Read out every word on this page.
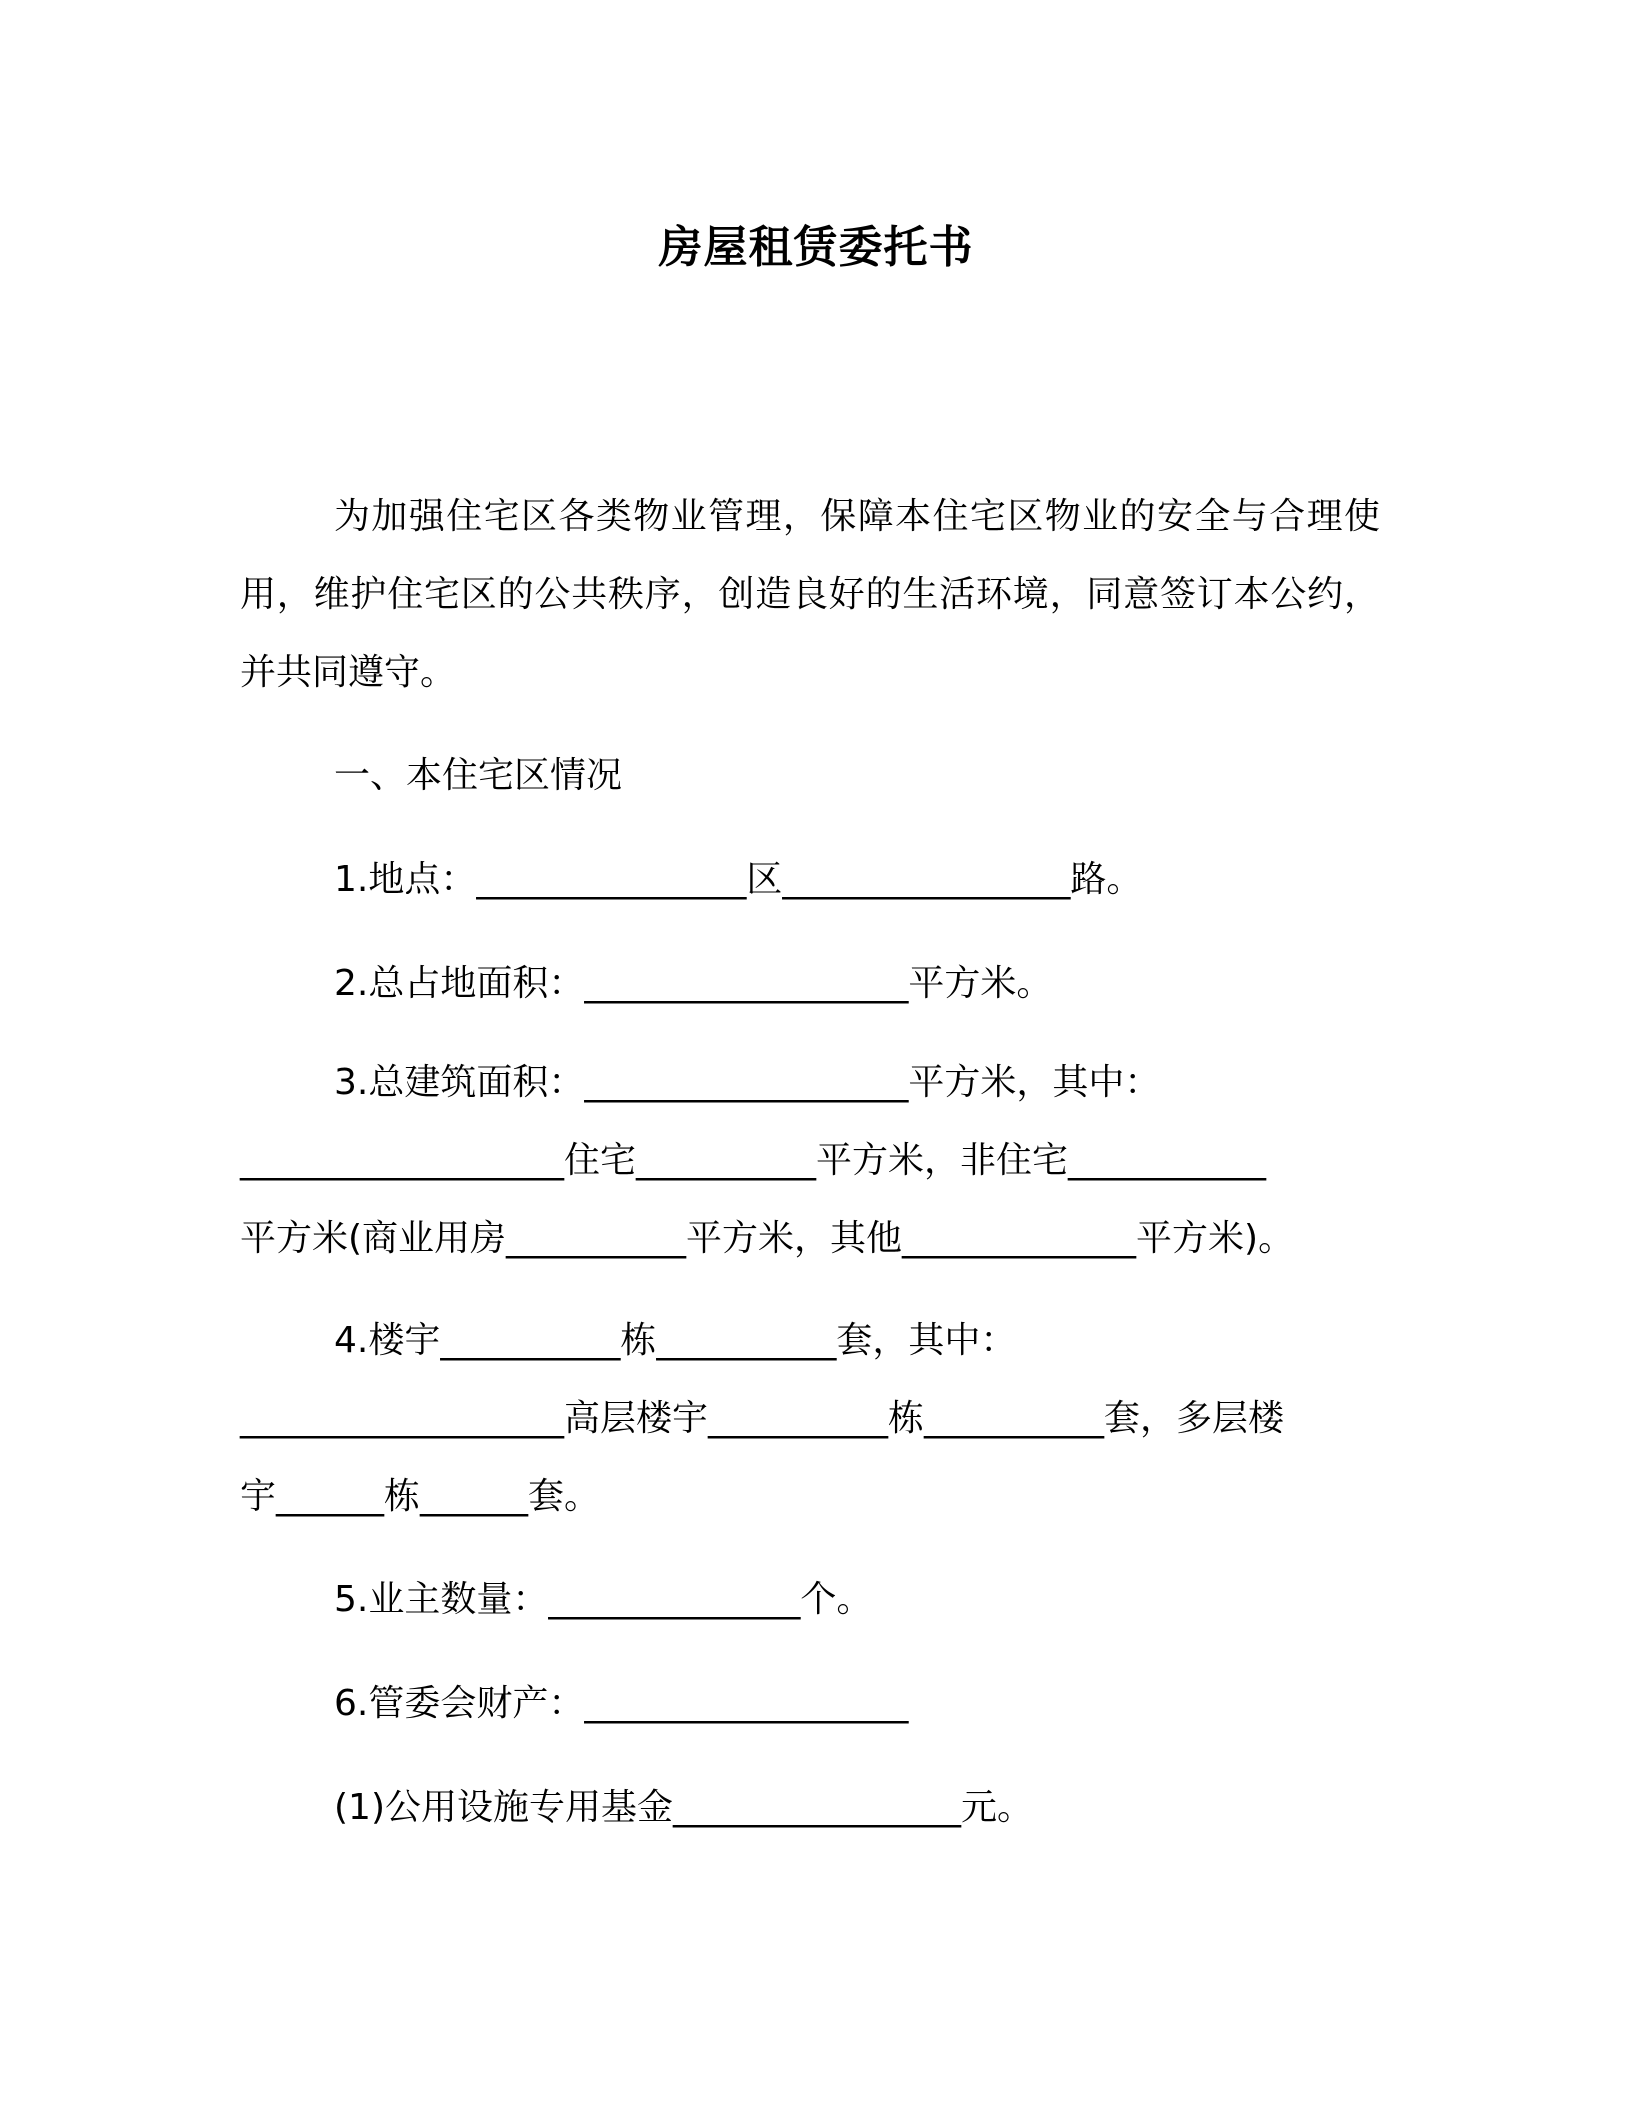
房屋租赁委托书
为加强住宅区各类物业管理，保障本住宅区物业的安全与合理使用，维护住宅区的公共秩序，创造良好的生活环境，同意签订本公约，并共同遵守。
一、本住宅区情况
1.地点：_______________区________________路。
2.总占地面积：__________________平方米。
3.总建筑面积：__________________平方米，其中：
__________________住宅__________平方米，非住宅___________
平方米(商业用房__________平方米，其他_____________平方米)。
4.楼宇__________栋__________套，其中：
__________________高层楼宇__________栋__________套，多层楼
宇______栋______套。
5.业主数量：______________个。
6.管委会财产：__________________
(1)公用设施专用基金________________元。
